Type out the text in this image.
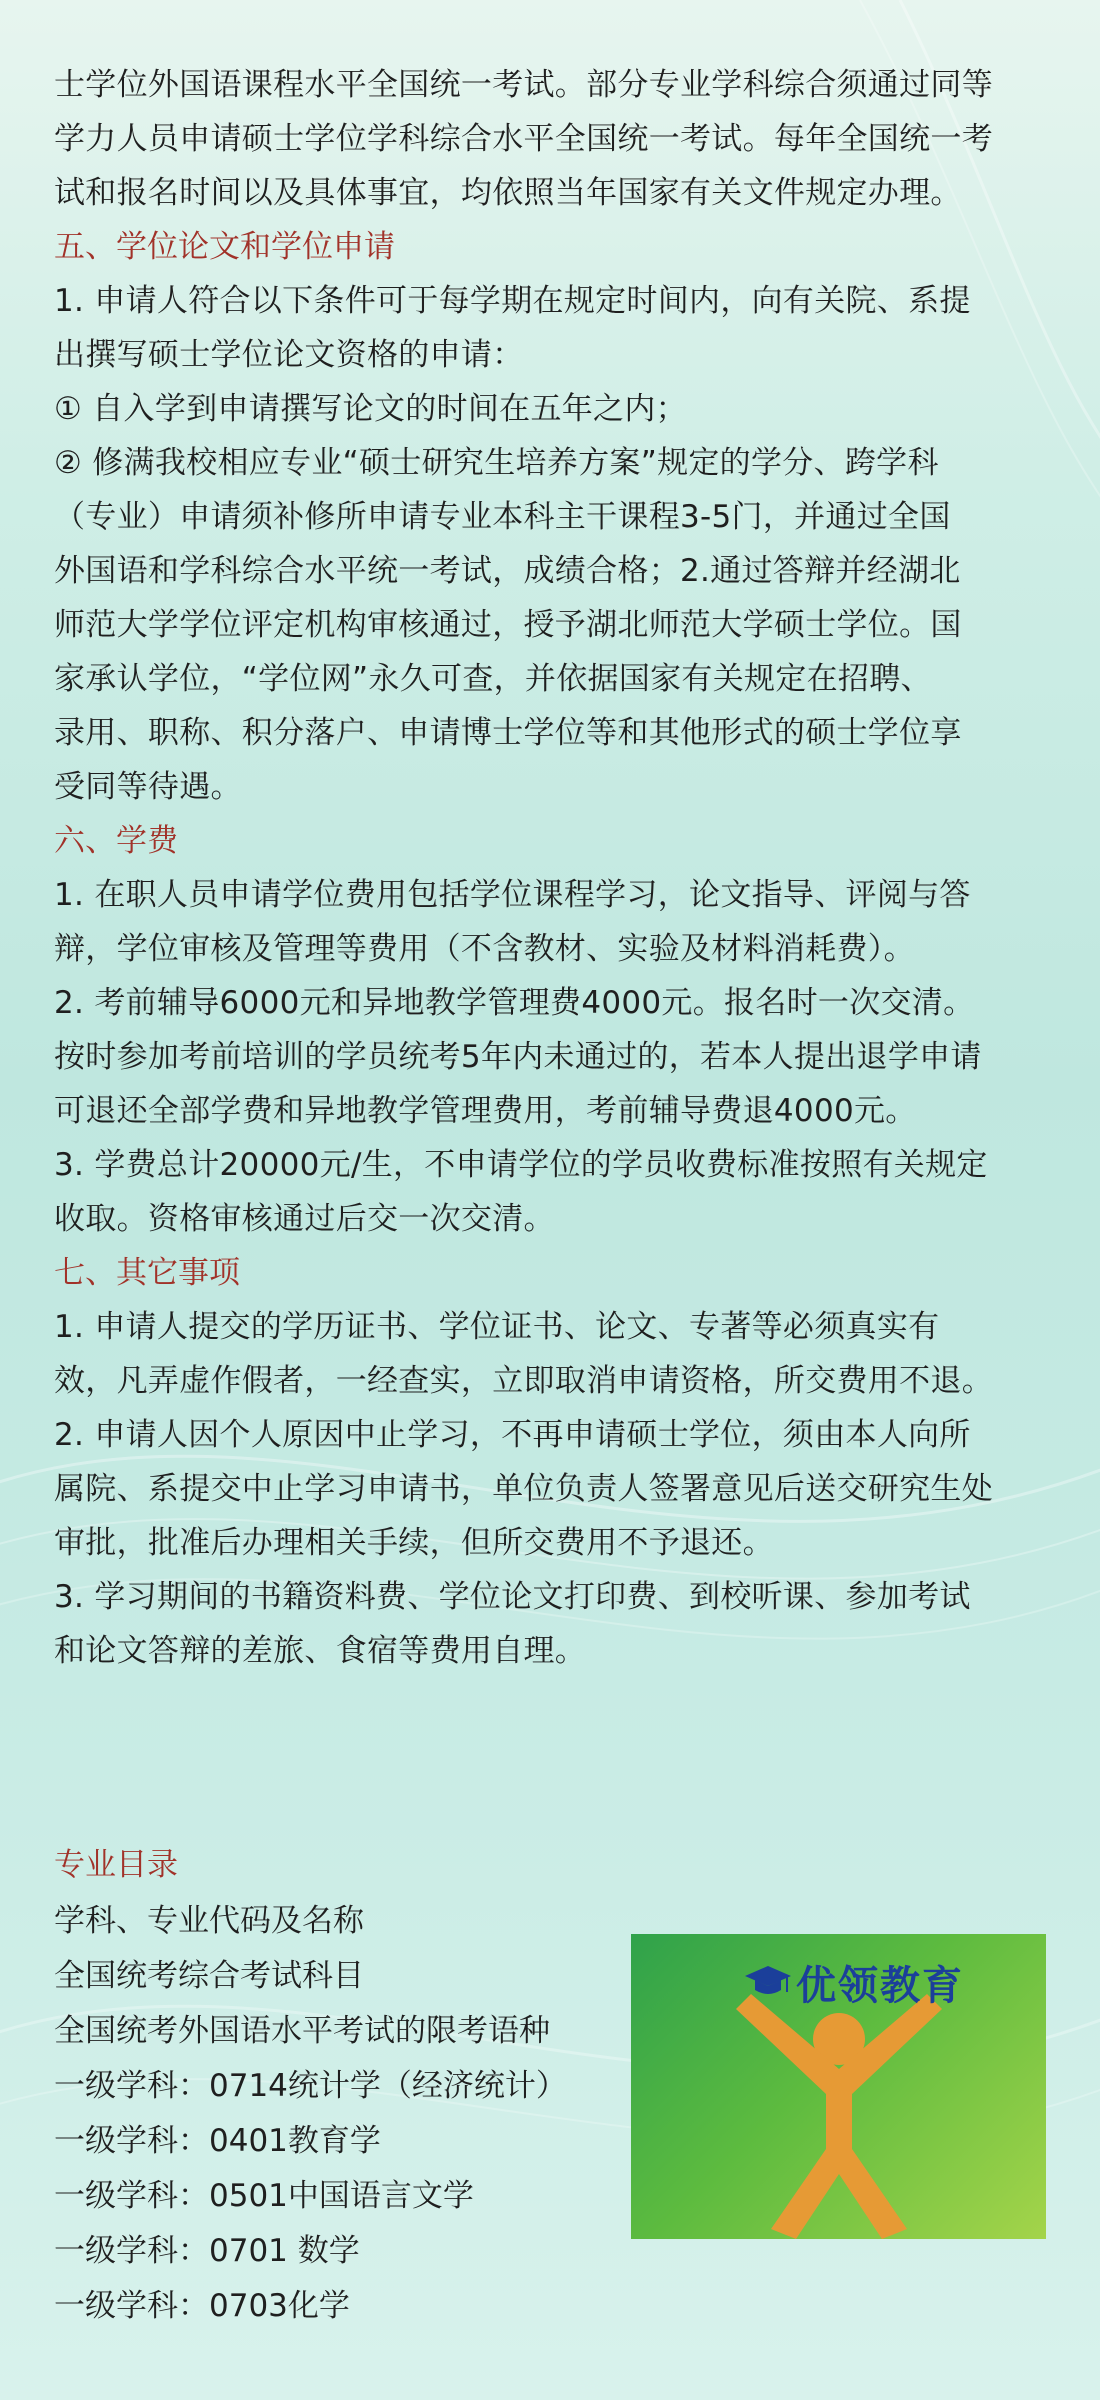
士学位外国语课程水平全国统一考试。部分专业学科综合须通过同等

学力人员申请硕士学位学科综合水平全国统一考试。每年全国统一考

试和报名时间以及具体事宜，均依照当年国家有关文件规定办理。

五、学位论文和学位申请

1. 申请人符合以下条件可于每学期在规定时间内，向有关院、系提

出撰写硕士学位论文资格的申请：

① 自入学到申请撰写论文的时间在五年之内；

② 修满我校相应专业“硕士研究生培养方案”规定的学分、跨学科

（专业）申请须补修所申请专业本科主干课程3-5门，并通过全国

外国语和学科综合水平统一考试，成绩合格；2.通过答辩并经湖北

师范大学学位评定机构审核通过，授予湖北师范大学硕士学位。国

家承认学位，“学位网”永久可查，并依据国家有关规定在招聘、

录用、职称、积分落户、申请博士学位等和其他形式的硕士学位享

受同等待遇。

六、学费

1. 在职人员申请学位费用包括学位课程学习，论文指导、评阅与答

辩，学位审核及管理等费用（不含教材、实验及材料消耗费）。

2. 考前辅导6000元和异地教学管理费4000元。报名时一次交清。

按时参加考前培训的学员统考5年内未通过的，若本人提出退学申请

可退还全部学费和异地教学管理费用，考前辅导费退4000元。

3. 学费总计20000元/生，不申请学位的学员收费标准按照有关规定

收取。资格审核通过后交一次交清。

七、其它事项

1. 申请人提交的学历证书、学位证书、论文、专著等必须真实有

效，凡弄虚作假者，一经查实，立即取消申请资格，所交费用不退。

2. 申请人因个人原因中止学习，不再申请硕士学位，须由本人向所

属院、系提交中止学习申请书，单位负责人签署意见后送交研究生处

审批，批准后办理相关手续，但所交费用不予退还。

3. 学习期间的书籍资料费、学位论文打印费、到校听课、参加考试

和论文答辩的差旅、食宿等费用自理。

专业目录

学科、专业代码及名称

全国统考综合考试科目

全国统考外国语水平考试的限考语种

一级学科：0714统计学（经济统计）

一级学科：0401教育学

一级学科：0501中国语言文学

一级学科：0701 数学

一级学科：0703化学

优领教育
